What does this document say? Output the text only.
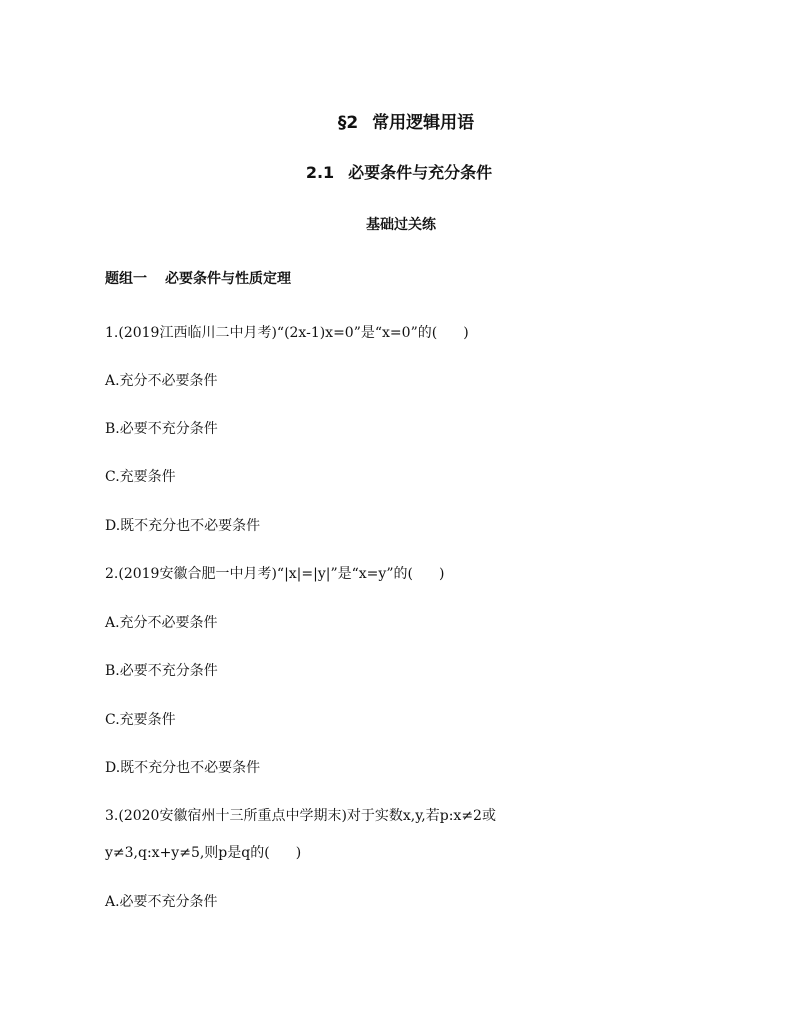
§2 常用逻辑用语
2.1 必要条件与充分条件
基础过关练
题组一 必要条件与性质定理
1.(2019江西临川二中月考)“(2x-1)x=0”是“x=0”的( )
A.充分不必要条件
B.必要不充分条件
C.充要条件
D.既不充分也不必要条件
2.(2019安徽合肥一中月考)“|x|=|y|”是“x=y”的( )
A.充分不必要条件
B.必要不充分条件
C.充要条件
D.既不充分也不必要条件
3.(2020安徽宿州十三所重点中学期末)对于实数x,y,若p:x≠2或
y≠3,q:x+y≠5,则p是q的( )
A.必要不充分条件
